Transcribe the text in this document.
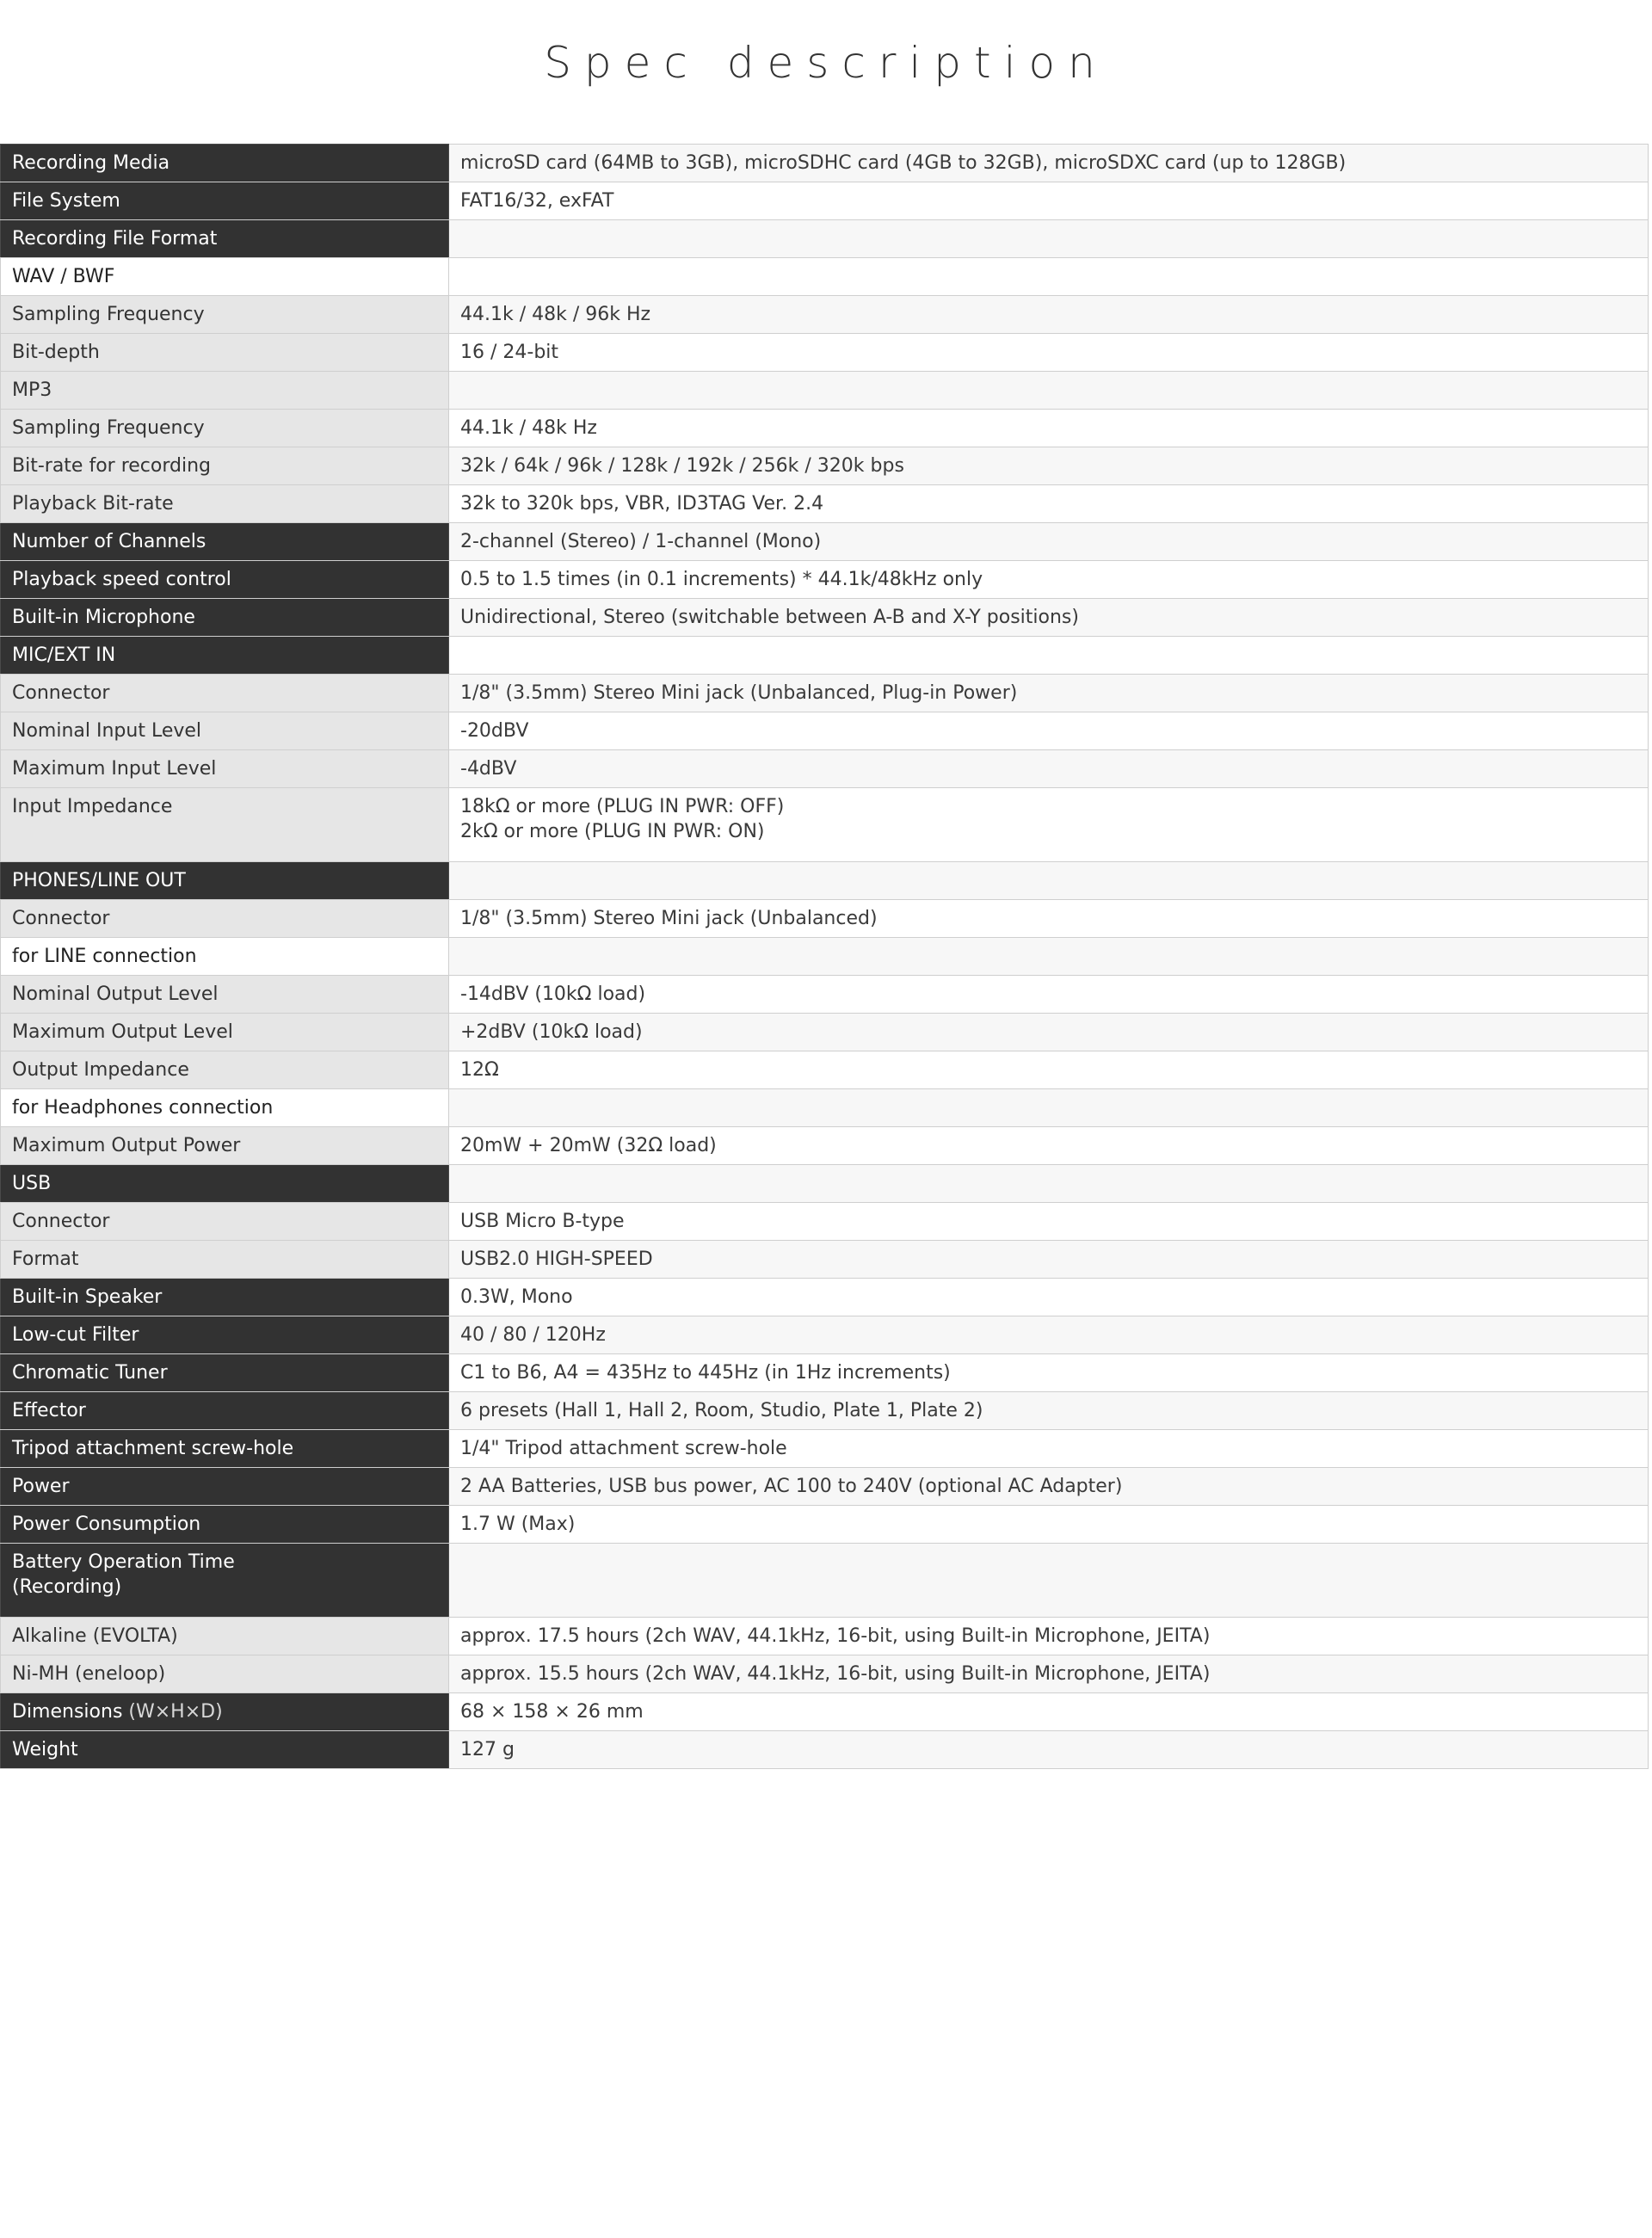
Spec description
Recording Media	microSD card (64MB to 3GB), microSDHC card (4GB to 32GB), microSDXC card (up to 128GB)
File System	FAT16/32, exFAT
Recording File Format	
WAV / BWF	
Sampling Frequency	44.1k / 48k / 96k Hz
Bit-depth	16 / 24-bit
MP3	
Sampling Frequency	44.1k / 48k Hz
Bit-rate for recording	32k / 64k / 96k / 128k / 192k / 256k / 320k bps
Playback Bit-rate	32k to 320k bps, VBR, ID3TAG Ver. 2.4
Number of Channels	2-channel (Stereo) / 1-channel (Mono)
Playback speed control	0.5 to 1.5 times (in 0.1 increments) * 44.1k/48kHz only
Built-in Microphone	Unidirectional, Stereo (switchable between A-B and X-Y positions)
MIC/EXT IN	
Connector	1/8" (3.5mm) Stereo Mini jack (Unbalanced, Plug-in Power)
Nominal Input Level	-20dBV
Maximum Input Level	-4dBV
Input Impedance	18kΩ or more (PLUG IN PWR: OFF)
2kΩ or more (PLUG IN PWR: ON)

PHONES/LINE OUT	
Connector	1/8" (3.5mm) Stereo Mini jack (Unbalanced)
for LINE connection	
Nominal Output Level	-14dBV (10kΩ load)
Maximum Output Level	+2dBV (10kΩ load)
Output Impedance	12Ω
for Headphones connection	
Maximum Output Power	20mW + 20mW (32Ω load)
USB	
Connector	USB Micro B-type
Format	USB2.0 HIGH-SPEED
Built-in Speaker	0.3W, Mono
Low-cut Filter	40 / 80 / 120Hz
Chromatic Tuner	C1 to B6, A4 = 435Hz to 445Hz (in 1Hz increments)
Effector	6 presets (Hall 1, Hall 2, Room, Studio, Plate 1, Plate 2)
Tripod attachment screw-hole	1/4" Tripod attachment screw-hole
Power	2 AA Batteries, USB bus power, AC 100 to 240V (optional AC Adapter)
Power Consumption	1.7 W (Max)

Battery Operation Time
(Recording)	

Alkaline (EVOLTA)	approx. 17.5 hours (2ch WAV, 44.1kHz, 16-bit, using Built-in Microphone, JEITA)
Ni-MH (eneloop)	approx. 15.5 hours (2ch WAV, 44.1kHz, 16-bit, using Built-in Microphone, JEITA)
Dimensions (W×H×D)	68 × 158 × 26 mm
Weight	127 g
